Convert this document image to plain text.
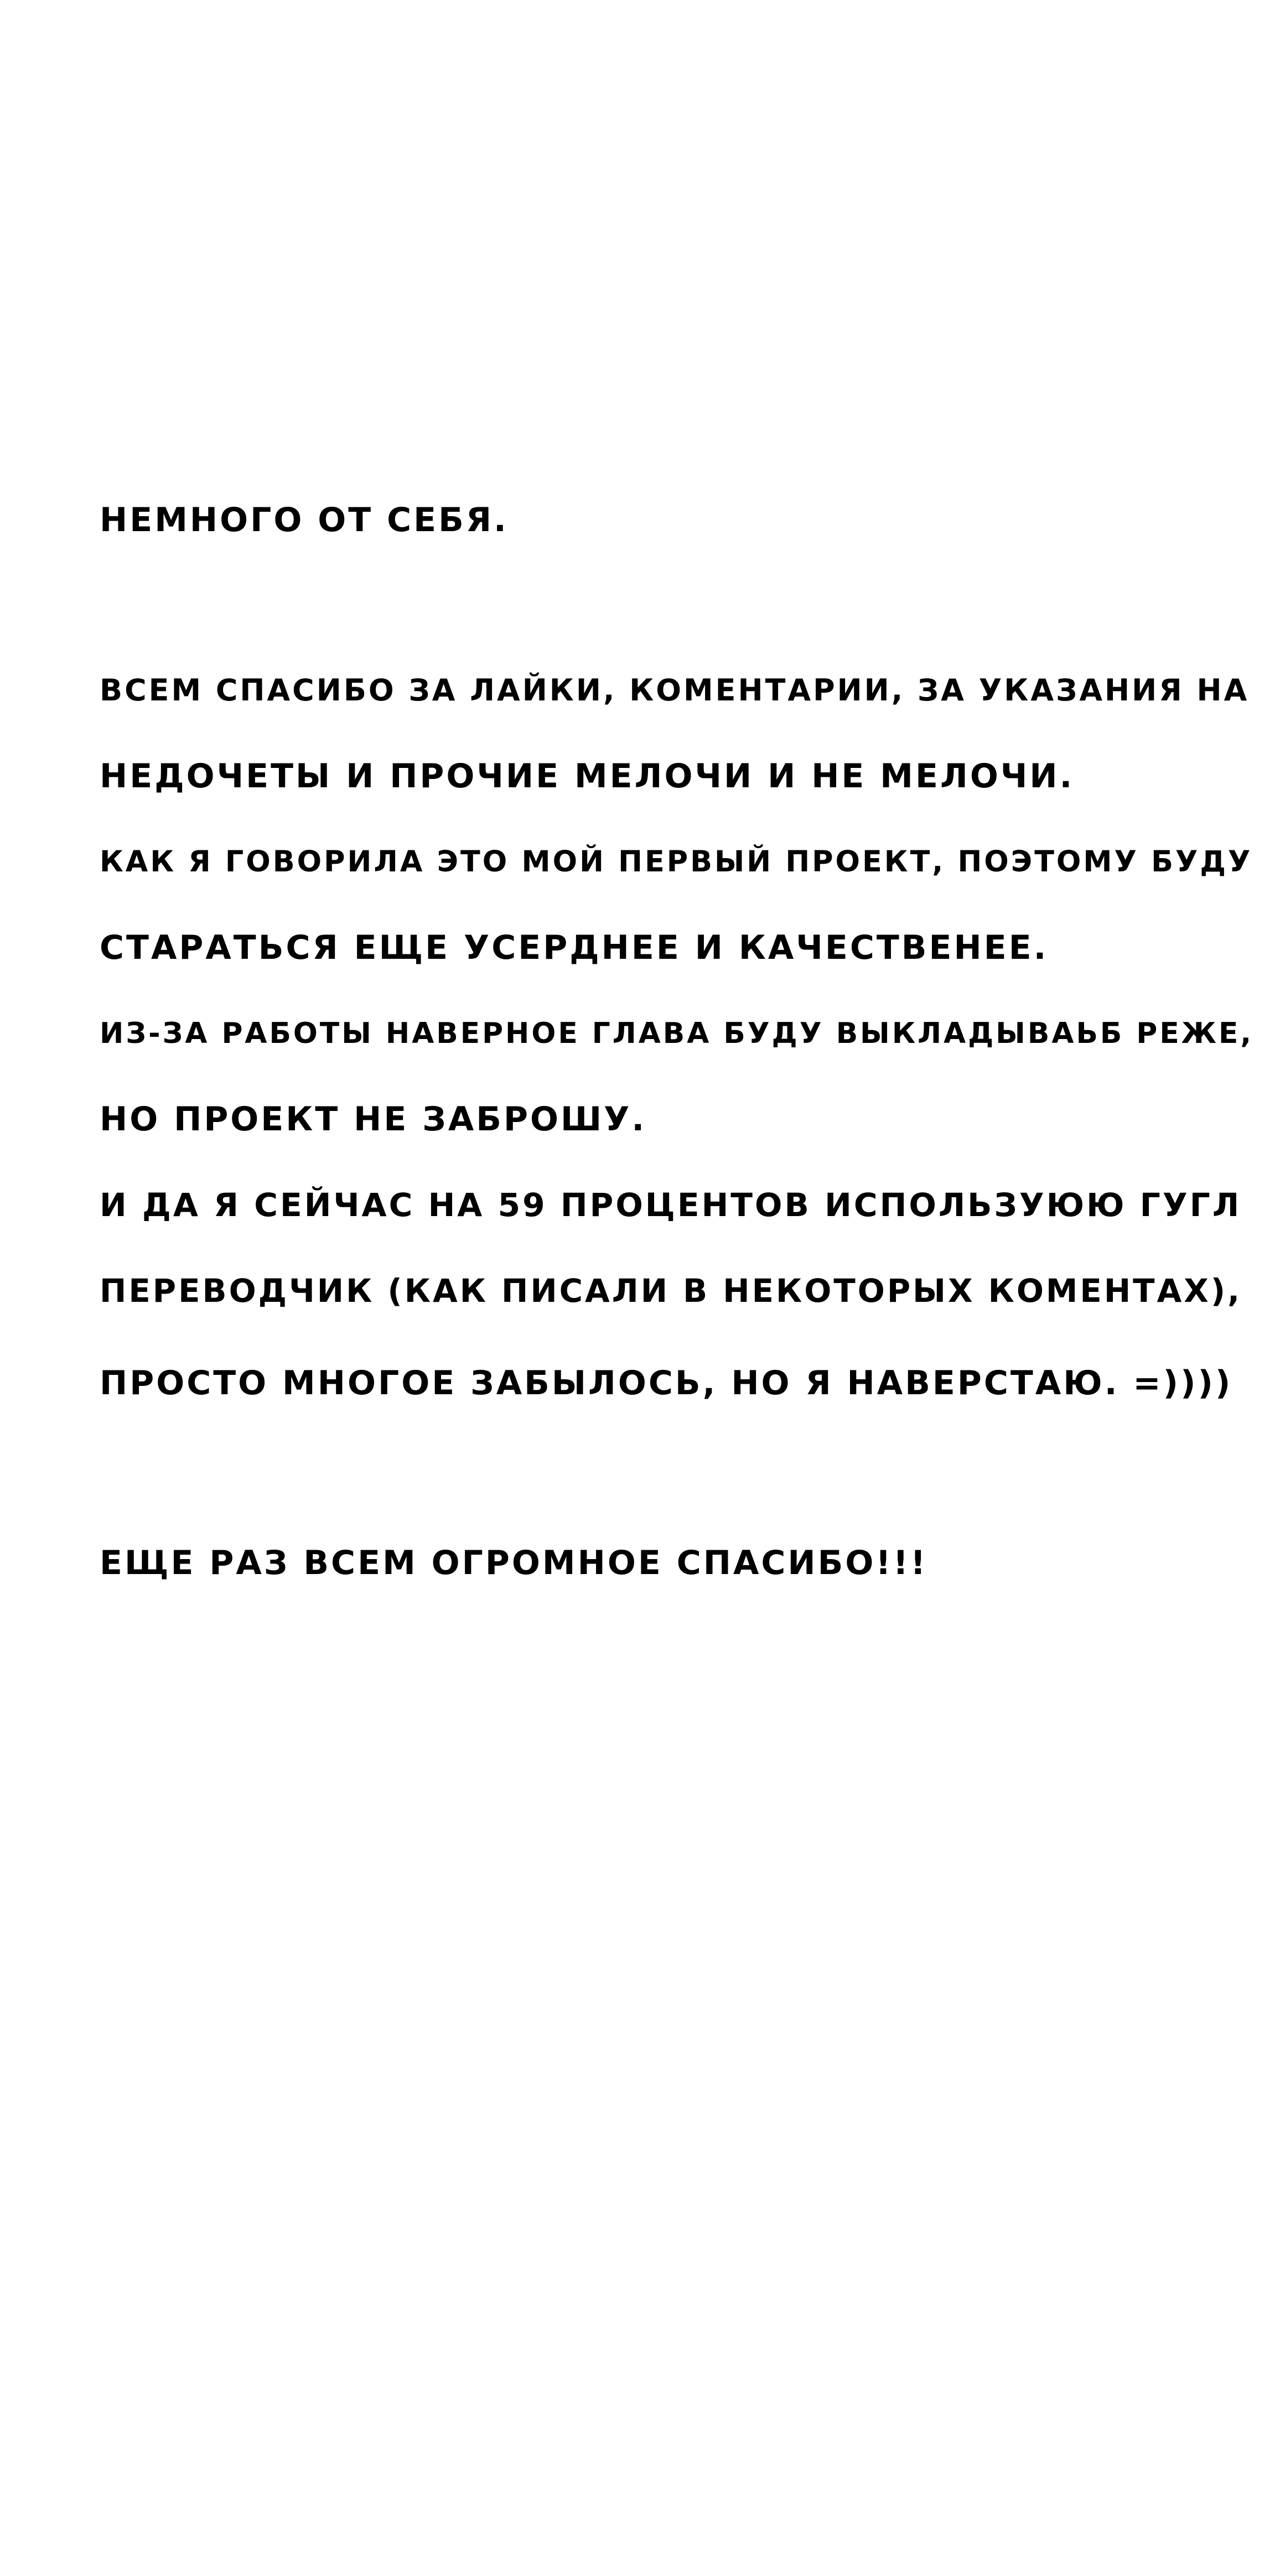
НЕМНОГО ОТ СЕБЯ.
ВСЕМ СПАСИБО ЗА ЛАЙКИ, КОМЕНТАРИИ, ЗА УКАЗАНИЯ НА
НЕДОЧЕТЫ И ПРОЧИЕ МЕЛОЧИ И НЕ МЕЛОЧИ.
КАК Я ГОВОРИЛА ЭТО МОЙ ПЕРВЫЙ ПРОЕКТ, ПОЭТОМУ БУДУ
СТАРАТЬСЯ ЕЩЕ УСЕРДНЕЕ И КАЧЕСТВЕНЕЕ.
ИЗ-ЗА РАБОТЫ НАВЕРНОЕ ГЛАВА БУДУ ВЫКЛАДЫВАЬБ РЕЖЕ,
НО ПРОЕКТ НЕ ЗАБРОШУ.
И ДА Я СЕЙЧАС НА 59 ПРОЦЕНТОВ ИСПОЛЬЗУЮЮ ГУГЛ
ПЕРЕВОДЧИК (КАК ПИСАЛИ В НЕКОТОРЫХ КОМЕНТАХ),
ПРОСТО МНОГОЕ ЗАБЫЛОСЬ, НО Я НАВЕРСТАЮ. =))))
ЕЩЕ РАЗ ВСЕМ ОГРОМНОЕ СПАСИБО!!!
